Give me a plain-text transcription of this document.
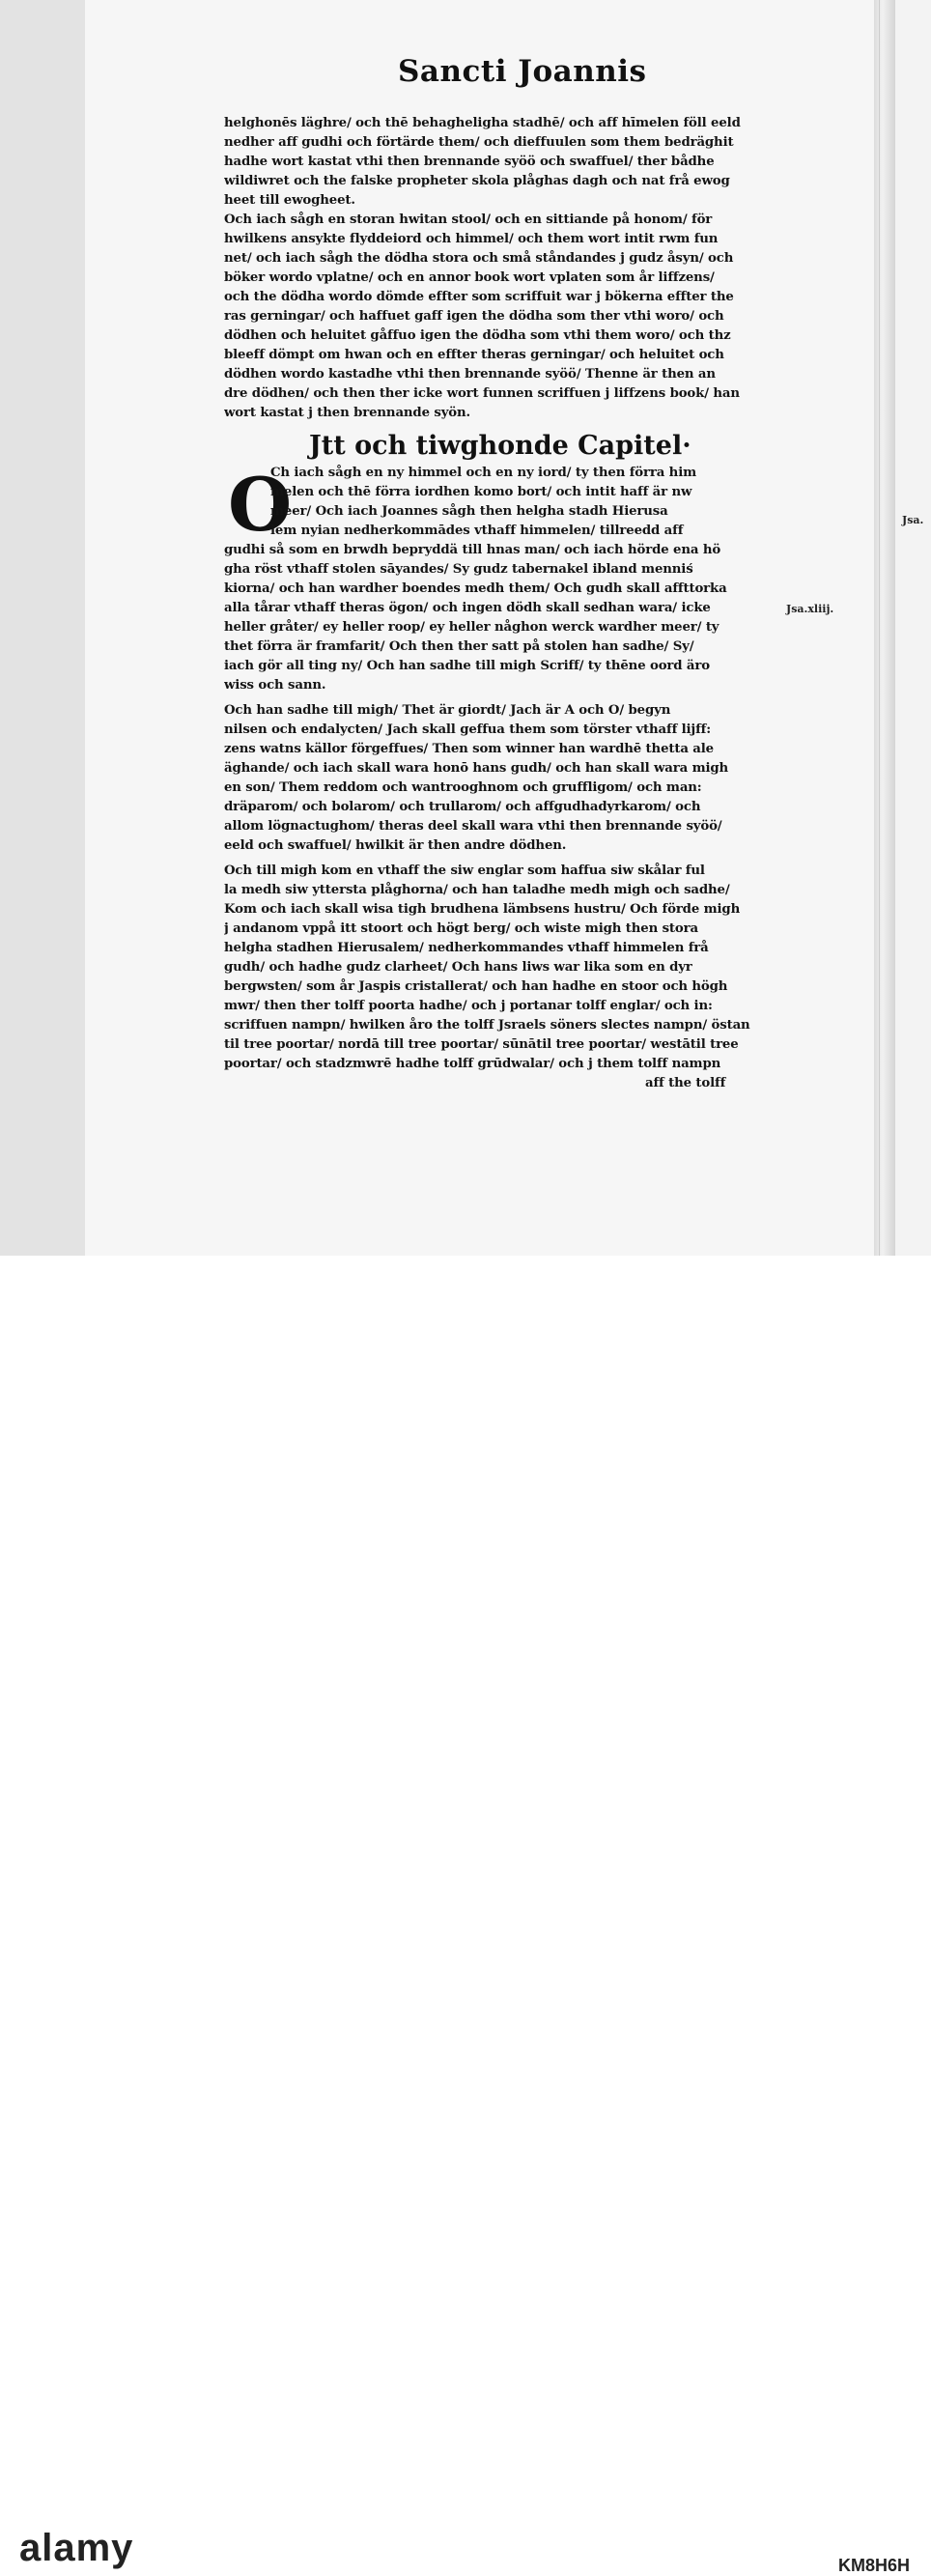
Sancti Joannis
helghonēs läghre/ och thē behagheligha stadhē/ och aff hīmelen föll eeld
nedher aff gudhi och förtärde them/ och dieffuulen som them bedräghit
hadhe wort kastat vthi then brennande syöö och swaffuel/ ther bådhe
wildiwret och the falske propheter skola plåghas dagh och nat frå ewog
heet till ewogheet.
Och iach sågh en storan hwitan stool/ och en sittiande på honom/ för
hwilkens ansykte flyddeiord och himmel/ och them wort intit rwm fun
net/ och iach sågh the dödha stora och små ståndandes j gudz åsyn/ och
böker wordo vplatne/ och en annor book wort vplaten som år liffzens/
och the dödha wordo dömde effter som scriffuit war j bökerna effter the
ras gerningar/ och haffuet gaff igen the dödha som ther vthi woro/ och
dödhen och heluitet gåffuo igen the dödha som vthi them woro/ och thz
bleeff dömpt om hwan och en effter theras gerningar/ och heluitet och
dödhen wordo kastadhe vthi then brennande syöö/ Thenne är then an
dre dödhen/ och then ther icke wort funnen scriffuen j liffzens book/ han
wort kastat j then brennande syön.
Jtt och tiwghonde Capitel·
O
Ch iach sågh en ny himmel och en ny iord/ ty then förra him
melen och thē förra iordhen komo bort/ och intit haff är nw
meer/ Och iach Joannes sågh then helgha stadh Hierusa
lem nyian nedherkommādes vthaff himmelen/ tillreedd aff
gudhi så som en brwdh bepryddä till hnas man/ och iach hörde ena hö
gha röst vthaff stolen sāyandes/ Sy gudz tabernakel ibland menniś
kiorna/ och han wardher boendes medh them/ Och gudh skall affttorka
alla tårar vthaff theras ögon/ och ingen dödh skall sedhan wara/ icke
heller gråter/ ey heller roop/ ey heller någhon werck wardher meer/ ty
thet förra är framfarit/ Och then ther satt på stolen han sadhe/ Sy/
iach gör all ting ny/ Och han sadhe till migh Scriff/ ty thēne oord äro
wiss och sann.
Och han sadhe till migh/ Thet är giordt/ Jach är A och O/ begyn
nilsen och endalycten/ Jach skall geffua them som törster vthaff lijff:
zens watns källor förgeffues/ Then som winner han wardhē thetta ale
äghande/ och iach skall wara honō hans gudh/ och han skall wara migh
en son/ Them reddom och wantrooghnom och gruffligom/ och man:
dräparom/ och bolarom/ och trullarom/ och affgudhadyrkarom/ och
allom lögnactughom/ theras deel skall wara vthi then brennande syöö/
eeld och swaffuel/ hwilkit är then andre dödhen.
Och till migh kom en vthaff the siw englar som haffua siw skålar ful
la medh siw yttersta plåghorna/ och han taladhe medh migh och sadhe/
Kom och iach skall wisa tigh brudhena lämbsens hustru/ Och förde migh
j andanom vppå itt stoort och högt berg/ och wiste migh then stora
helgha stadhen Hierusalem/ nedherkommandes vthaff himmelen frå
gudh/ och hadhe gudz clarheet/ Och hans liws war lika som en dyr
bergwsten/ som år Jaspis cristallerat/ och han hadhe en stoor och högh
mwr/ then ther tolff poorta hadhe/ och j portanar tolff englar/ och in:
scriffuen nampn/ hwilken åro the tolff Jsraels söners slectes nampn/ östan
til tree poortar/ nordā till tree poortar/ sūnātil tree poortar/ westātil tree
poortar/ och stadzmwrē hadhe tolff grūdwalar/ och j them tolff nampn
aff the tolff
Jsa.
Jsa.xliij.
alamy	KM8H6H
